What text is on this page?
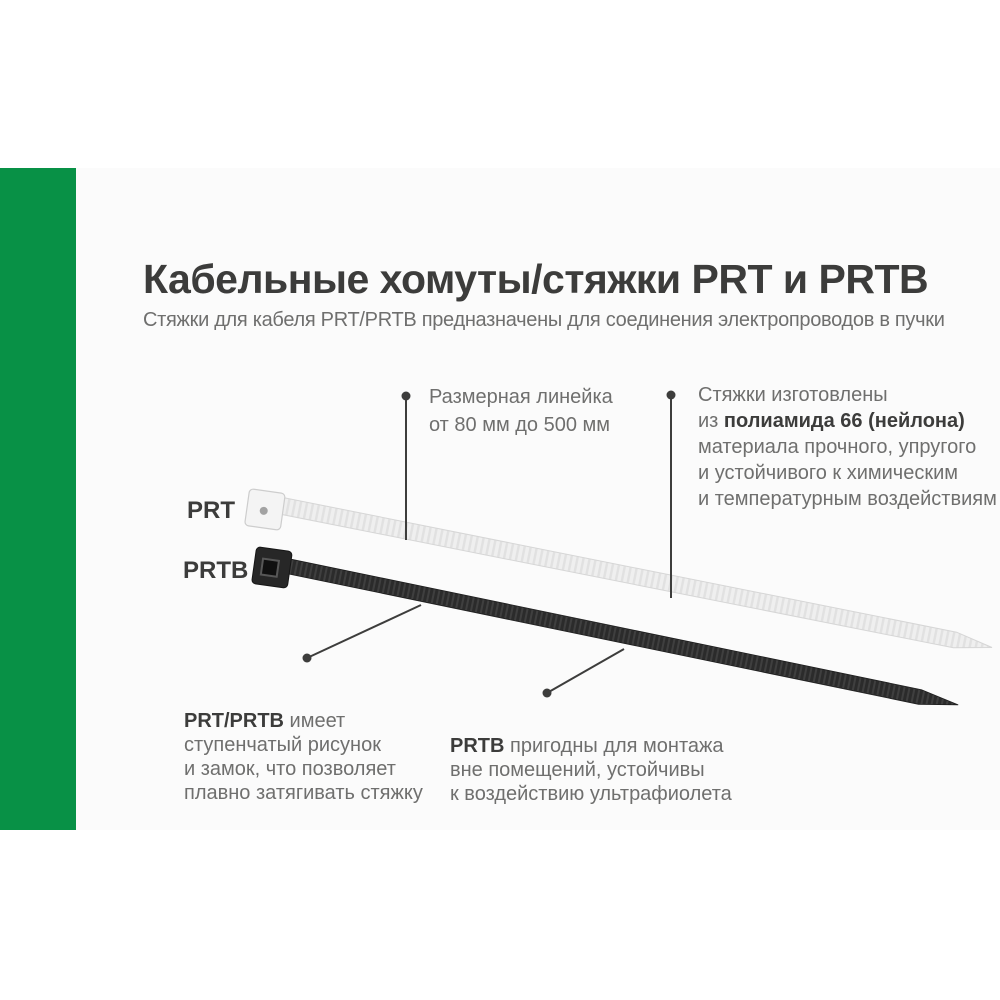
Кабельные хомуты/стяжки PRT и PRTB

Стяжки для кабеля PRT/PRTB предназначены для соединения электропроводов в пучки

PRT
PRTB
Размерная линейка
от 80 мм до 500 мм
Стяжки изготовлены
из полиамида 66 (нейлона)
материала прочного, упругого
и устойчивого к химическим
и температурным воздействиям
PRT/PRTB имеет
ступенчатый рисунок
и замок, что позволяет
плавно затягивать стяжку
PRTB пригодны для монтажа
вне помещений, устойчивы
к воздействию ультрафиолета
